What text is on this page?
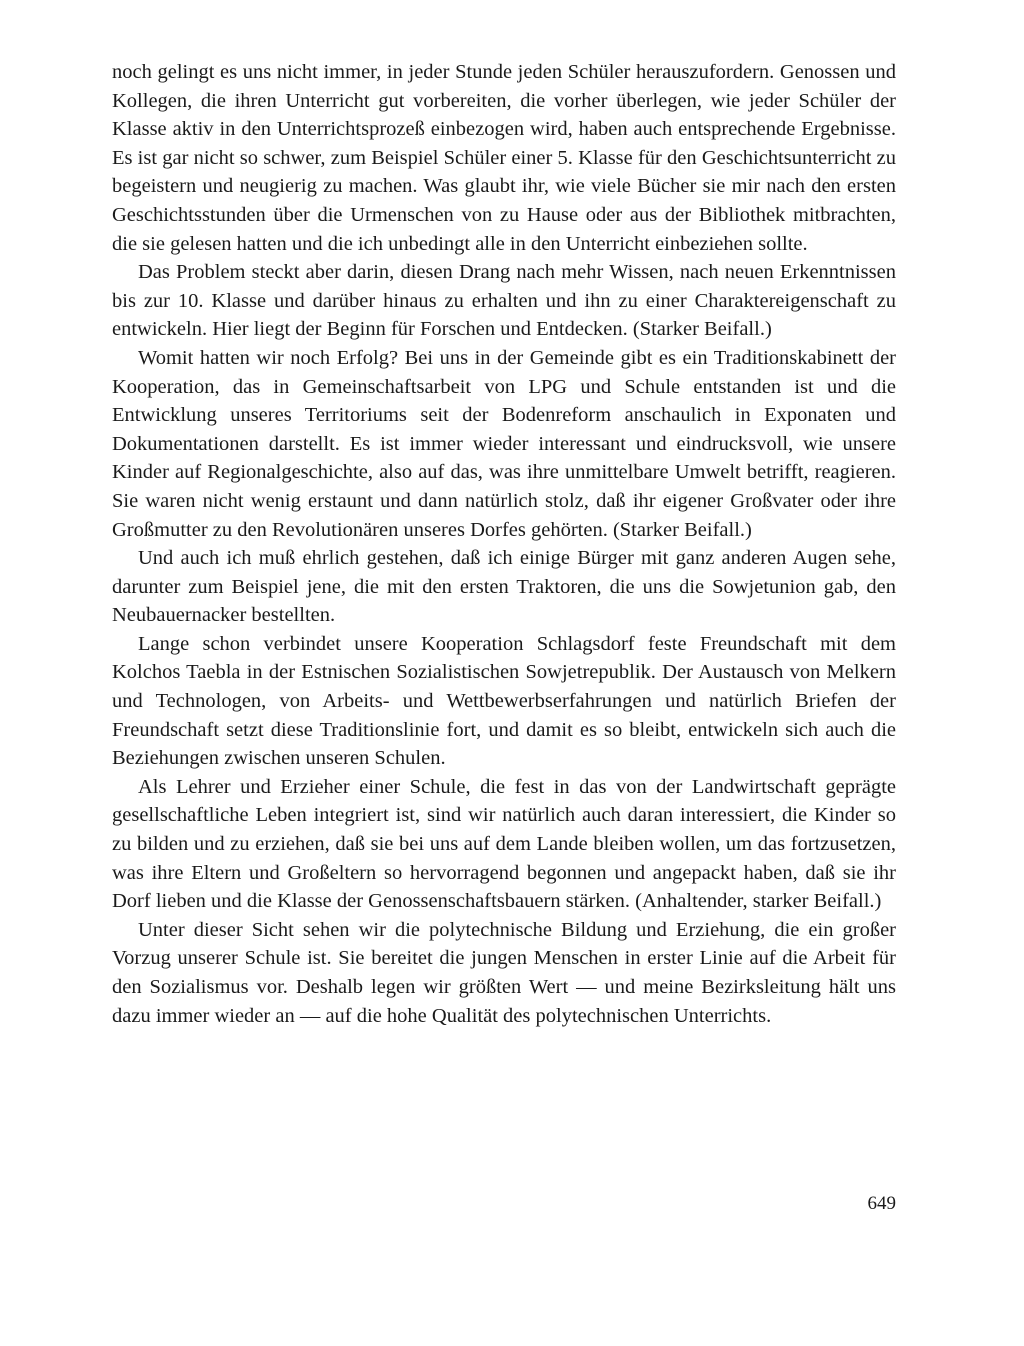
noch gelingt es uns nicht immer, in jeder Stunde jeden Schüler herauszufordern. Genossen und Kollegen, die ihren Unterricht gut vorbereiten, die vorher überlegen, wie jeder Schüler der Klasse aktiv in den Unterrichtsprozeß einbezogen wird, haben auch entsprechende Ergebnisse. Es ist gar nicht so schwer, zum Beispiel Schüler einer 5. Klasse für den Geschichtsunterricht zu begeistern und neugierig zu machen. Was glaubt ihr, wie viele Bücher sie mir nach den ersten Geschichtsstunden über die Urmenschen von zu Hause oder aus der Bibliothek mitbrachten, die sie gelesen hatten und die ich unbedingt alle in den Unterricht einbeziehen sollte.

Das Problem steckt aber darin, diesen Drang nach mehr Wissen, nach neuen Erkenntnissen bis zur 10. Klasse und darüber hinaus zu erhalten und ihn zu einer Charaktereigenschaft zu entwickeln. Hier liegt der Beginn für Forschen und Entdecken. (Starker Beifall.)

Womit hatten wir noch Erfolg? Bei uns in der Gemeinde gibt es ein Traditionskabinett der Kooperation, das in Gemeinschaftsarbeit von LPG und Schule entstanden ist und die Entwicklung unseres Territoriums seit der Bodenreform anschaulich in Exponaten und Dokumentationen darstellt. Es ist immer wieder interessant und eindrucksvoll, wie unsere Kinder auf Regionalgeschichte, also auf das, was ihre unmittelbare Umwelt betrifft, reagieren. Sie waren nicht wenig erstaunt und dann natürlich stolz, daß ihr eigener Großvater oder ihre Großmutter zu den Revolutionären unseres Dorfes gehörten. (Starker Beifall.)

Und auch ich muß ehrlich gestehen, daß ich einige Bürger mit ganz anderen Augen sehe, darunter zum Beispiel jene, die mit den ersten Traktoren, die uns die Sowjetunion gab, den Neubauernacker bestellten.

Lange schon verbindet unsere Kooperation Schlagsdorf feste Freundschaft mit dem Kolchos Taebla in der Estnischen Sozialistischen Sowjetrepublik. Der Austausch von Melkern und Technologen, von Arbeits- und Wettbewerbserfahrungen und natürlich Briefen der Freundschaft setzt diese Traditionslinie fort, und damit es so bleibt, entwickeln sich auch die Beziehungen zwischen unseren Schulen.

Als Lehrer und Erzieher einer Schule, die fest in das von der Landwirtschaft geprägte gesellschaftliche Leben integriert ist, sind wir natürlich auch daran interessiert, die Kinder so zu bilden und zu erziehen, daß sie bei uns auf dem Lande bleiben wollen, um das fortzusetzen, was ihre Eltern und Großeltern so hervorragend begonnen und angepackt haben, daß sie ihr Dorf lieben und die Klasse der Genossenschaftsbauern stärken. (Anhaltender, starker Beifall.)

Unter dieser Sicht sehen wir die polytechnische Bildung und Erziehung, die ein großer Vorzug unserer Schule ist. Sie bereitet die jungen Menschen in erster Linie auf die Arbeit für den Sozialismus vor. Deshalb legen wir größten Wert — und meine Bezirksleitung hält uns dazu immer wieder an — auf die hohe Qualität des polytechnischen Unterrichts.

649
